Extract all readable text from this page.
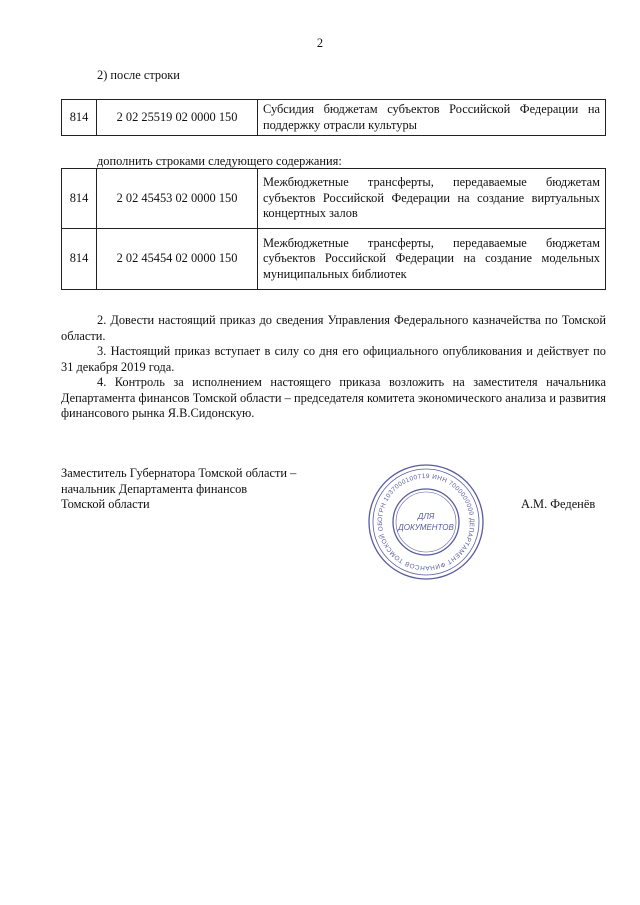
2
2) после строки
814	2 02 25519 02 0000 150	Субсидия бюджетам субъектов Российской Федерации на поддержку отрасли культуры
дополнить строками следующего содержания:
814	2 02 45453 02 0000 150	Межбюджетные трансферты, передаваемые бюджетам субъектов Российской Федерации на создание виртуальных концертных залов
814	2 02 45454 02 0000 150	Межбюджетные трансферты, передаваемые бюджетам субъектов Российской Федерации на создание модельных муниципальных библиотек

2. Довести настоящий приказ до сведения Управления Федерального казначейства по Томской области.

3. Настоящий приказ вступает в силу со дня его официального опубликования и действует по 31 декабря 2019 года.

4. Контроль за исполнением настоящего приказа возложить на заместителя начальника Департамента финансов Томской области – председателя комитета экономического анализа и развития финансового рынка Я.В.Сидонскую.

Заместитель Губернатора Томской области –
начальник Департамента финансов
Томской области
ОГРН 1037000100719 ИНН 7000000000 ДЕПАРТАМЕНТ ФИНАНСОВ ТОМСКОЙ ОБ
ДЛЯ
ДОКУМЕНТОВ
А.М. Феденёв
